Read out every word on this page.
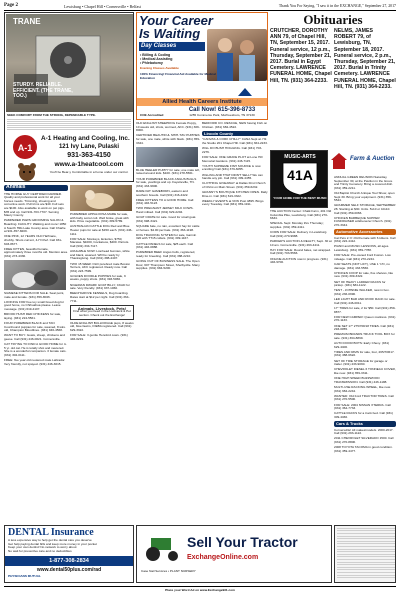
Page 2	Lewisburg • Chapel Hill • Cornersville • Belfast	Thank You For Saying, "I saw it in the EXCHANGE," September 27, 2017
Your Career
Is Waiting
Day Classes
• Billing & Coding
• Medical Assisting
• Phlebotomy
Evening Classes Available
100% Financing! Financial Aid Available for Medical Education
Allied Health Careers Institute
Call Now! 615-396-8733
1255 Commerce Park, Murfreesboro, TN 37130
COE Accredited
TRANE
STURDY. RELIABLE. EFFICIENT. (THE TRANE, TOO.)
SEEK COMFORT FROM THE STRONG, DEPENDABLE TYPE.
A-1
A-1 Heating and Cooling, Inc.
121 Ivy Lane, Pulaski
931-363-4150
www.a-1heatcool.com
You'll be Bear-y Comfortable in a home under our control.
Animals

THE HORSE GUY CERTIFIED FARRIER. Quality and professional work for all your horses needs. Trimming, shoeing and corrective work. Pull trims are $40. Full sets are $100. Also available to work on pet pigs. $35 and up. Call 931-703-7707. Serving Maury County.

PAMPERED PAWS GROOMING SALON & Boarding. FACILITY. Walking and more! 1850 A Sourth Hills Lake County area. Call Charlie at 931-357-8209.

ONE PINK, 12 YEARS OLD Halfmare, chubby. Shots current, 4-H Chef. Call 931-603-8677.

FREE KITTEN, beautiful female, approximately three months old. Mention area. (931) 273-4336.

SIAMESE KITTENS FOR SALE. Seal point, male and female. (931) 356-8046.

LOOKING FOR free toy small breed dog for good home, no Chihuahua please. Leave message. (931) 619-4107.

BROOD HUSH RED CHICKENS for sale, laying. (931) 224-5561.

FOUR PUREBRED BLACK and TAN Coonhound puppies for sale, weaned, 8 wks. old, Champion Bloodlines. (931) 946-4568.

WANT TO BUY: Goats, sheep, chickens and geese. Call (931) 446-0021. Cornersville.

CAT TRYING TO FIND A GOOD HOME for 4-5 yr. old cat. He is totally shot and neutered. She is a wonderful companion. 3 female cats. (931) 302-0111.

FREE: five year old neutered male Labrador. Very friendly, not spayed. (931) 446-3015.

PUREBRED APPALOOSA MARE for sale, with baby sorrel colt. Well broke, great with kids. Price negotiable. (931) 309-5789.

AUSTRALIAN CATTLE DOG Red and Blue Heeler pups for sale at $150 each. (931) 446-1111.

FOR SALE: Monkeys, Eclectus, $750, Macaws. $1000, Cockatoos, $400. Parrots. Call (931) 334-7117.

AVAILABLE NOW: Lionhead bunnies, white and black, weaned. Will be ready by Thanksgiving. Call (931) 388-4407.

TWO 15 WEEK OLD purebred male Boston Terriers, AKC registered. Ready now. Call (931) 223-7599.

GOLDEN DOODLE PUPPIES for sale, 9 weeks, puppy shots. (931) 393-5066.

NIGERIAN DWARF GOAT BILLY, CKAD for sale. Very friendly. (931) 937-1060.

BEECHGROVE KENNELS, Dog boarding. Rates start at $12 per night. Call (931) 364-7711.

Animals, Livestock, Pets!
Find what you need in the Livestock & Pet section. Check out the Exchange!

OLDE ENGLISH BULLDOGGE pups, 8 weeks old, blue fawns, IOEBA registered. Call (931) 629-3322.

FOR SALE: 3 gentle Hereford cows. (931) 446-0219.

DENTAL Insurance
A less expensive way to help get the dental care you deserve
Get help paying dental bills and keep more money in your pocket
Keep your own dentist! No network to worry about
No wait for preventive care and no deductibles
1-877-308-2834
www.dental50plus.com/rad
PHYSICIANS MUTUAL

OLD ENGLISH SHEEPDOG Female Puppy, 10 weeks old, shots, wormed, AKC. (931) 309-8000.

CERTIFIED BEAUTIFUL SHIH-TZU PUPPIES for sale, one male, white with black. (931) 359-3344.

BLUE HEELER PUPPY for sale; one male left, raised around kids. $100. (931) 278-5561.

YOUR PUREBRED BLACK ANGUS BULLS for sale, yearlings and up. Fayetteville, TN. (931) 433-9900.

RARE FAT GAMEBORN, eastern and southern breeds. Call (931) 316-4422.

FREE KITTENS TO A GOOD HOME. Call (931) 446-5123.

TWO PREGNANT JERSEY MILK COWS. Hand milked. Call (931) 629-2204.

GOAT CRATE for sale. Good for small goat. (931) 698-3421.

SQUARE bale, no rain, excellent hay for cattle or horses. $4.00 per bale. (931) 363-1198.

DOG TRACKING SYSTEM for sale, Garmin 320 with TT15 collars. (931) 309-1167.

CATTLE PANELS for sale, $25 each. Call (931) 446-0888.

PUREBRED BEEF Angus bulls, registered, ready for breeding. Call (931) 388-2210.

GOING OUT OF BUSINESS SALE. The Open Door, 607 Thompson Street, Shelbyville. Many supplies. (931) 684-5200.

BEDFORD CO. RESCUE, NEW having Fish on Chicken. (931) 684-4522.

Lincoln County

"CANVAS & CORK CHILLY" CANA Sept at. Hit the Studio 201 Chapel Hill. Call (931) 364-2233.

WILL DO BUSH HOGGING. Call (931) 703-2276.

FOR SALE: ONE GRAVE PLOT at Lone Hill Memorial Gardens. (931) 446-7115.

YOUTH SUPREME FISH SOURCE is now enrolling! Call (931) 379-6055.

WILLING AND THAT DIDN'T SELL? We can handle any job. Call (931) 309-4455.

CLOTHING GIVEAWAY at Dallas First Church of Christ on Main Street. (931) 359-6232.

GRANNY'S BOUTIQUE KITCHEN OPEN. Daily Dine-in. Call (931) 619-3322.

WEEKLY EVENTS at VFW Post 4895. Bingo every Tuesday. Call (931) 359-1911.

MUSIC-ARTS
41A
YOUR HOME FOR THE BEST MUSIC
Farm & Auction

THE AUCTION Center: Chalk Farm, 401 Old Columbia Pike, Lewisburg. Call (931) 270-6634.

SPECIAL Sept: Monday thru Thursday; supplies. (931) 359-4411.

CORN FOR SALE: Delivery in Lewisburg. Call (931) 270-9988.

PARKER'S AUCTION & REALTY, Sept. 30 at 10 am. Cornersville. (931) 293-4411.

HAY FOR SALE: Round bales, net wrapped. Call (931) 703-5566.

ONLINE AUCTION now in progress. (931) 446-9700.

Obituaries
CRUTCHER, DOROTHY ANN 79, of Chapel Hill, TN, September 15, 2017. Funeral service, 12 p.m., Thursday, September 21, 2017. Burial in Egypt Cemetery. LAWRENCE FUNERAL HOME, Chapel Hill, TN. (931) 364-2233.
NELMS, JAMES ROBERT 79, of Lewisburg, TN, September 18, 2017. Funeral service, 2 p.m., Thursday, September 21, 2017. Burial in Trinity Cemetery. LAWRENCE FUNERAL HOME, Chapel Hill, TN. (931) 364-2233.

ANNUAL GREEN REUNION Saturday, September 30, at the Pavilion in the Grove and Trinity Cemetery. Bring a covered dish. (931) 359-2211.

Old Baptist Church Antique Tool Show, open Sept 30. Bring your equipment. (931) 359-5544.

GRAMMER SELF STORAGE, SEPTEMBER 28. Starting at $30. Units. 5x10 or 10x10. Call (931) 359-0066.

CHICKEN BARBEQUE SUPPER FUNDRAISER at Ebenezer Church. (931) 270-3344.

Automotive Accessories

Cat Pets 2-Yr-Old Female with 6 kittens. Call (931) 222-4412.

PIANO and MUSIC LESSONS, all ages. Lewisburg. (931) 359-7788.

FOR SALE: Pre-owned Ford Fusion. Low mileage. Call (931) 270-2244.

CAR SEATS (NOT LIFT), USE 1 Y/O, no damage. (931) 433-5566.

CHICKEN COOP for sale, five shelves, like new. (931) 309-3322.

SET OF HEAVY LADDER RACKS for pickup. (931) 684-1122.

TENT - JOHNNIE WALKER, new in box. (931) 236-0990.

LED LIGHT BAR AND ROOF RACK for sale. Call (931) 446-0011.

17" TIRES for sale, 2 for $50. Call (931) 359-8877.

FOR NEW CAMPER: Queen mattress. (931) 270-1133.

ONE SET 17" 275/70R18 TIRES. Call (931) 293-0055.

PREMIUM BRANDS TRUCK TOOL BOX for sale. (931) 364-8899.

AUTO DOOR BOTS: Early Chevy. (931) 629-4400.

TIRES AND RIMS for sale, four, 265/70R17. (931) 388-6622.

SET OF TIRE STORAGE for garage or trailer. (931) 433-9090.

CHEVROLET DIESEL 6 TONNEAU COVER, like new. (931) 359-3311.

ONE HIGH SPEED BUZZWOOD TRANSMISSION. Call (931) 446-1188.

MULTI-USE RACKING WHEEL, like new. (931) 684-2244.

WANTED: Old Ford TRACTOR TIRES. Call (931) 270-5500.

FOR SALE: 2004 NISSAN XTERRA. Call (931) 364-7733.

CATTLE RACKS for a truck bed. Call (931) 309-4466.

Cars & Trucks

Cornersville! All makes/models. 2000-2017. Call (931) 293-1122.

2011 CHEVROLET SILVERADO 1500. Call (931) 270-8800.

2008 TOYOTA TACOMA in good condition. (931) 359-4477.

Sell Your Tractor
ExchangeOnline.com
Case Nail Services • PLANT NURSERY
Place your Word Ad on www.Exchange931.com
